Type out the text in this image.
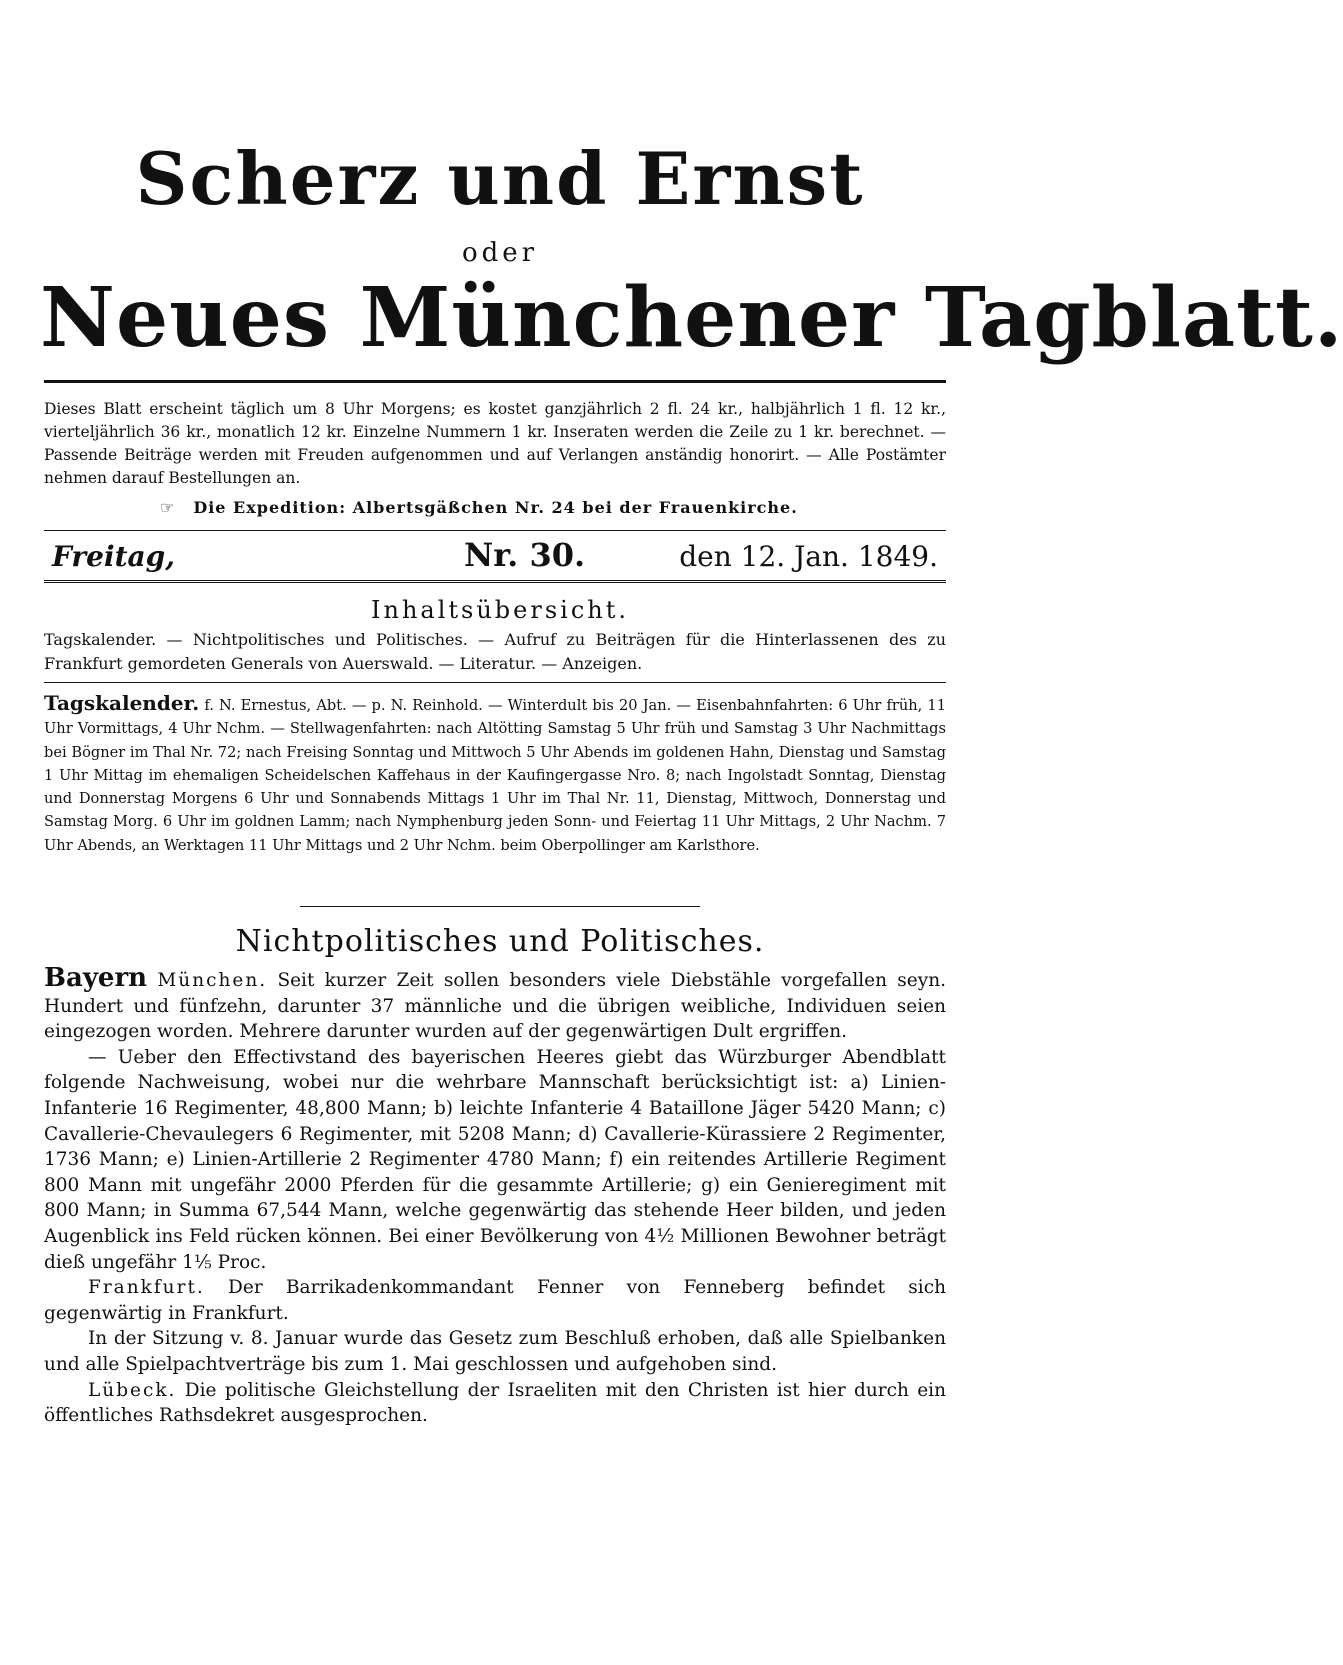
Scherz und Ernst
oder
Neues Münchener Tagblatt.
Dieses Blatt erscheint täglich um 8 Uhr Morgens; es kostet ganzjährlich 2 fl. 24 kr., halbjährlich 1 fl. 12 kr., vierteljährlich 36 kr., monatlich 12 kr. Einzelne Nummern 1 kr. Inseraten werden die Zeile zu 1 kr. berechnet. — Passende Beiträge werden mit Freuden aufgenommen und auf Verlangen anständig honorirt. — Alle Postämter nehmen darauf Bestellungen an.
☞ Die Expedition: Albertsgäßchen Nr. 24 bei der Frauenkirche.
Freitag,	Nr. 30.	den 12. Jan. 1849.
Inhaltsübersicht.
Tagskalender. — Nichtpolitisches und Politisches. — Aufruf zu Beiträgen für die Hinterlassenen des zu Frankfurt gemordeten Generals von Auerswald. — Literatur. — Anzeigen.
Tagskalender. f. N. Ernestus, Abt. — p. N. Reinhold. — Winterdult bis 20 Jan. — Eisenbahnfahrten: 6 Uhr früh, 11 Uhr Vormittags, 4 Uhr Nchm. — Stellwagenfahrten: nach Altötting Samstag 5 Uhr früh und Samstag 3 Uhr Nachmittags bei Bögner im Thal Nr. 72; nach Freising Sonntag und Mittwoch 5 Uhr Abends im goldenen Hahn, Dienstag und Samstag 1 Uhr Mittag im ehemaligen Scheidelschen Kaffehaus in der Kaufingergasse Nro. 8; nach Ingolstadt Sonntag, Dienstag und Donnerstag Morgens 6 Uhr und Sonnabends Mittags 1 Uhr im Thal Nr. 11, Dienstag, Mittwoch, Donnerstag und Samstag Morg. 6 Uhr im goldnen Lamm; nach Nymphenburg jeden Sonn- und Feiertag 11 Uhr Mittags, 2 Uhr Nachm. 7 Uhr Abends, an Werktagen 11 Uhr Mittags und 2 Uhr Nchm. beim Oberpollinger am Karlsthore.
Nichtpolitisches und Politisches.

Bayern München. Seit kurzer Zeit sollen besonders viele Diebstähle vorgefallen seyn. Hundert und fünfzehn, darunter 37 männliche und die übrigen weibliche, Individuen seien eingezogen worden. Mehrere darunter wurden auf der gegenwärtigen Dult ergriffen.

— Ueber den Effectivstand des bayerischen Heeres giebt das Würzburger Abendblatt folgende Nachweisung, wobei nur die wehrbare Mannschaft berücksichtigt ist: a) Linien-Infanterie 16 Regimenter, 48,800 Mann; b) leichte Infanterie 4 Bataillone Jäger 5420 Mann; c) Cavallerie-Chevaulegers 6 Regimenter, mit 5208 Mann; d) Cavallerie-Kürassiere 2 Regimenter, 1736 Mann; e) Linien-Artillerie 2 Regimenter 4780 Mann; f) ein reitendes Artillerie Regiment 800 Mann mit ungefähr 2000 Pferden für die gesammte Artillerie; g) ein Genieregiment mit 800 Mann; in Summa 67,544 Mann, welche gegenwärtig das stehende Heer bilden, und jeden Augenblick ins Feld rücken können. Bei einer Bevölkerung von 4½ Millionen Bewohner beträgt dieß ungefähr 1⅕ Proc.

Frankfurt. Der Barrikadenkommandant Fenner von Fenneberg befindet sich gegenwärtig in Frankfurt.

In der Sitzung v. 8. Januar wurde das Gesetz zum Beschluß erhoben, daß alle Spielbanken und alle Spielpachtverträge bis zum 1. Mai geschlossen und aufgehoben sind.

Lübeck. Die politische Gleichstellung der Israeliten mit den Christen ist hier durch ein öffentliches Rathsdekret ausgesprochen.
